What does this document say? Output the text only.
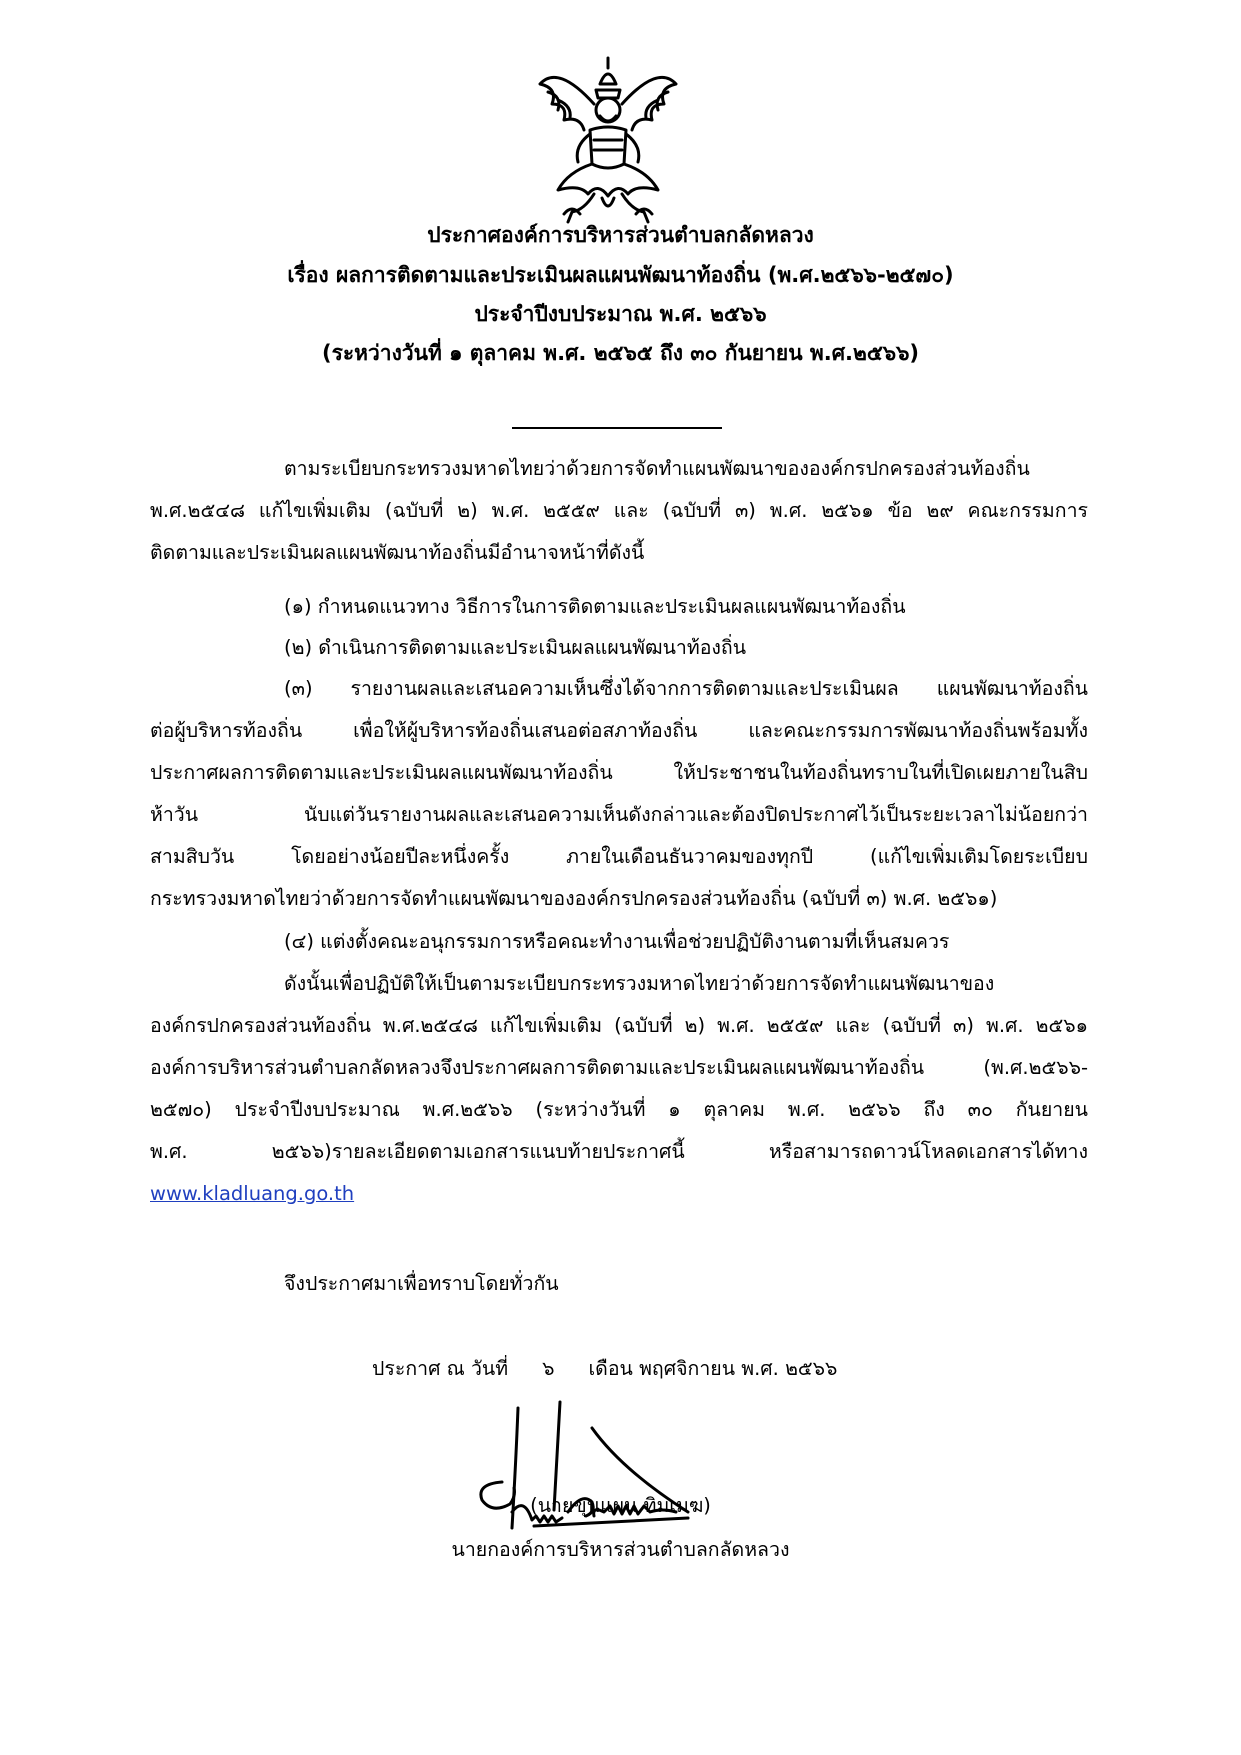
ประกาศองค์การบริหารส่วนตำบลกลัดหลวง
เรื่อง ผลการติดตามและประเมินผลแผนพัฒนาท้องถิ่น (พ.ศ.๒๕๖๖-๒๕๗๐)
ประจำปีงบประมาณ พ.ศ. ๒๕๖๖
(ระหว่างวันที่ ๑ ตุลาคม พ.ศ. ๒๕๖๕ ถึง ๓๐ กันยายน พ.ศ.๒๕๖๖)
ตามระเบียบกระทรวงมหาดไทยว่าด้วยการจัดทำแผนพัฒนาขององค์กรปกครองส่วนท้องถิ่น
พ.ศ.๒๕๔๘ แก้ไขเพิ่มเติม (ฉบับที่ ๒) พ.ศ. ๒๕๕๙ และ (ฉบับที่ ๓) พ.ศ. ๒๕๖๑ ข้อ ๒๙ คณะกรรมการ
ติดตามและประเมินผลแผนพัฒนาท้องถิ่นมีอำนาจหน้าที่ดังนี้
(๑) กำหนดแนวทาง วิธีการในการติดตามและประเมินผลแผนพัฒนาท้องถิ่น
(๒) ดำเนินการติดตามและประเมินผลแผนพัฒนาท้องถิ่น
(๓) รายงานผลและเสนอความเห็นซึ่งได้จากการติดตามและประเมินผล แผนพัฒนาท้องถิ่น
ต่อผู้บริหารท้องถิ่น เพื่อให้ผู้บริหารท้องถิ่นเสนอต่อสภาท้องถิ่น และคณะกรรมการพัฒนาท้องถิ่นพร้อมทั้ง
ประกาศผลการติดตามและประเมินผลแผนพัฒนาท้องถิ่น ให้ประชาชนในท้องถิ่นทราบในที่เปิดเผยภายในสิบ
ห้าวัน นับแต่วันรายงานผลและเสนอความเห็นดังกล่าวและต้องปิดประกาศไว้เป็นระยะเวลาไม่น้อยกว่า
สามสิบวัน โดยอย่างน้อยปีละหนึ่งครั้ง ภายในเดือนธันวาคมของทุกปี (แก้ไขเพิ่มเติมโดยระเบียบ
กระทรวงมหาดไทยว่าด้วยการจัดทำแผนพัฒนาขององค์กรปกครองส่วนท้องถิ่น (ฉบับที่ ๓) พ.ศ. ๒๕๖๑)
(๔) แต่งตั้งคณะอนุกรรมการหรือคณะทำงานเพื่อช่วยปฏิบัติงานตามที่เห็นสมควร
ดังนั้นเพื่อปฏิบัติให้เป็นตามระเบียบกระทรวงมหาดไทยว่าด้วยการจัดทำแผนพัฒนาของ
องค์กรปกครองส่วนท้องถิ่น พ.ศ.๒๕๔๘ แก้ไขเพิ่มเติม (ฉบับที่ ๒) พ.ศ. ๒๕๕๙ และ (ฉบับที่ ๓) พ.ศ. ๒๕๖๑
องค์การบริหารส่วนตำบลกลัดหลวงจึงประกาศผลการติดตามและประเมินผลแผนพัฒนาท้องถิ่น (พ.ศ.๒๕๖๖-
๒๕๗๐) ประจำปีงบประมาณ พ.ศ.๒๕๖๖ (ระหว่างวันที่ ๑ ตุลาคม พ.ศ. ๒๕๖๖ ถึง ๓๐ กันยายน
พ.ศ. ๒๕๖๖)รายละเอียดตามเอกสารแนบท้ายประกาศนี้ หรือสามารถดาวน์โหลดเอกสารได้ทาง
www.kladluang.go.th
จึงประกาศมาเพื่อทราบโดยทั่วกัน
ประกาศ ณ วันที่ ๖ เดือน พฤศจิกายน พ.ศ. ๒๕๖๖
(นายขุนแผน ทิมเมฆ)
นายกองค์การบริหารส่วนตำบลกลัดหลวง
